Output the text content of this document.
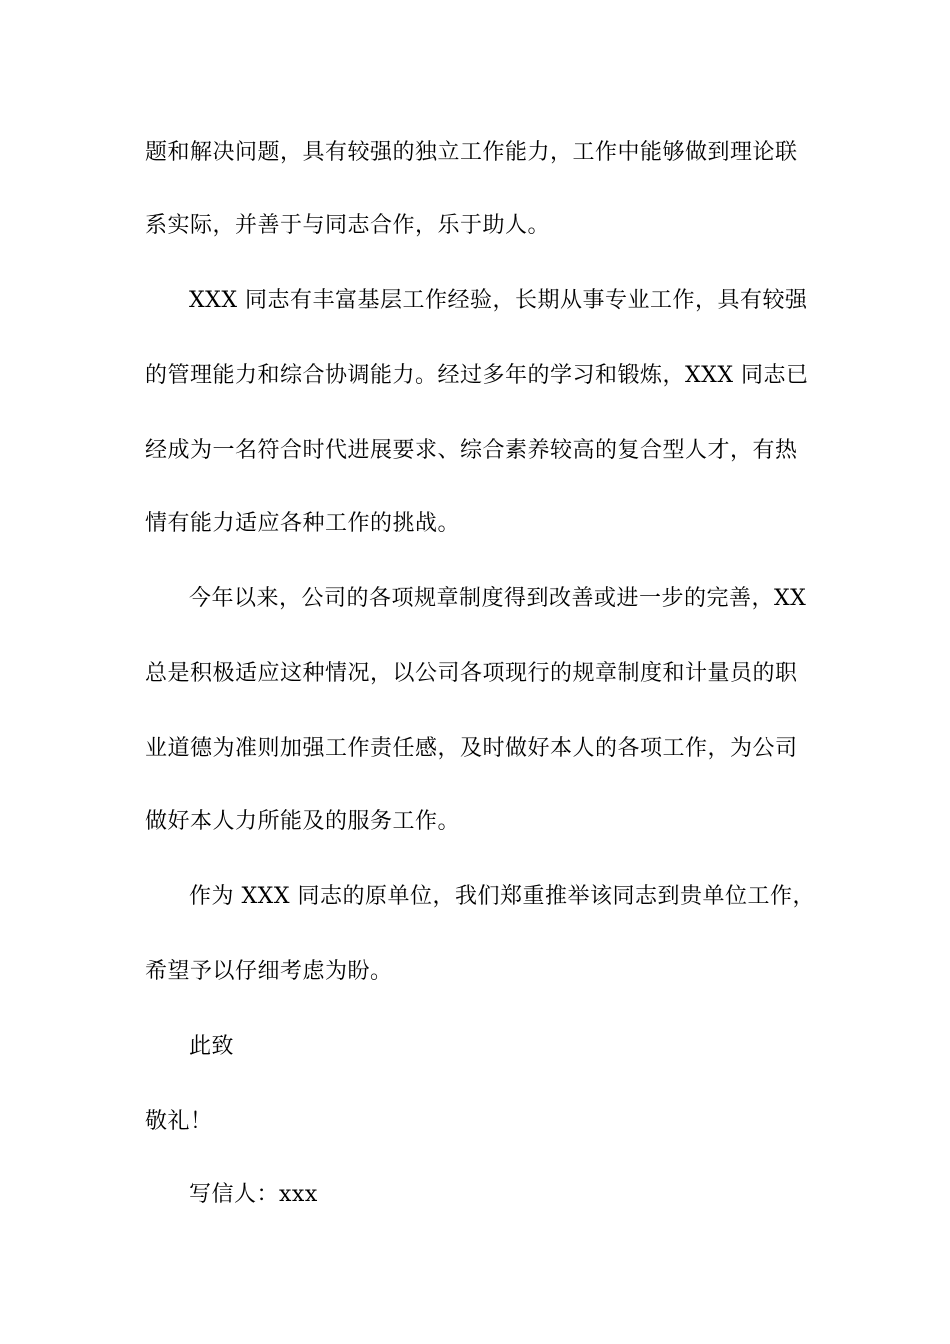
题和解决问题，具有较强的独立工作能力，工作中能够做到理论联
系实际，并善于与同志合作，乐于助人。
XXX 同志有丰富基层工作经验，长期从事专业工作，具有较强
的管理能力和综合协调能力。经过多年的学习和锻炼，XXX 同志已
经成为一名符合时代进展要求、综合素养较高的复合型人才，有热
情有能力适应各种工作的挑战。
今年以来，公司的各项规章制度得到改善或进一步的完善，XX
总是积极适应这种情况，以公司各项现行的规章制度和计量员的职
业道德为准则加强工作责任感，及时做好本人的各项工作，为公司
做好本人力所能及的服务工作。
作为 XXX 同志的原单位，我们郑重推举该同志到贵单位工作，
希望予以仔细考虑为盼。
此致
敬礼！
写信人：xxx
